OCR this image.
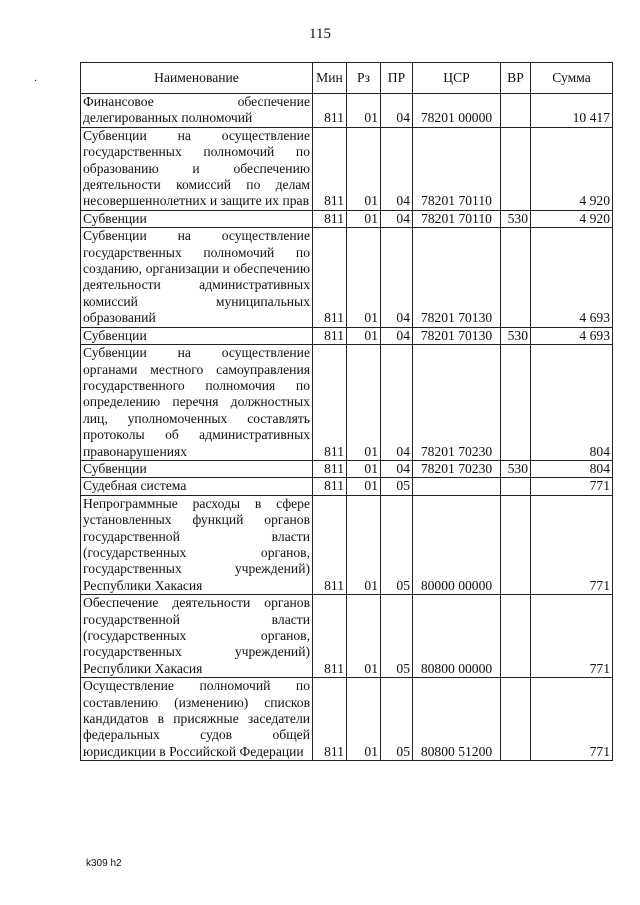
115
·	Наименование	Мин	Рз	ПР	ЦСР	ВР	Сумма
Финансовое обеспечение делегированных полномочий	811	01	04	78201 00000		10 417
Субвенции на осуществление государственных полномочий по образованию и обеспечению деятельности комиссий по делам несовершеннолетних и защите их прав	811	01	04	78201 70110		4 920
Субвенции	811	01	04	78201 70110	530	4 920
Субвенции на осуществление государственных полномочий по созданию, организации и обеспечению деятельности административных комиссий муниципальных образований	811	01	04	78201 70130		4 693
Субвенции	811	01	04	78201 70130	530	4 693
Субвенции на осуществление органами местного самоуправления государственного полномочия по определению перечня должностных лиц, уполномоченных составлять протоколы об административных правонарушениях	811	01	04	78201 70230		804
Субвенции	811	01	04	78201 70230	530	804
Судебная система	811	01	05			771
Непрограммные расходы в сфере установленных функций органов государственной власти (государственных органов, государственных учреждений) Республики Хакасия	811	01	05	80000 00000		771
Обеспечение деятельности органов государственной власти (государственных органов, государственных учреждений) Республики Хакасия	811	01	05	80800 00000		771
Осуществление полномочий по составлению (изменению) списков кандидатов в присяжные заседатели федеральных судов общей юрисдикции в Российской Федерации	811	01	05	80800 51200		771
k309 h2
